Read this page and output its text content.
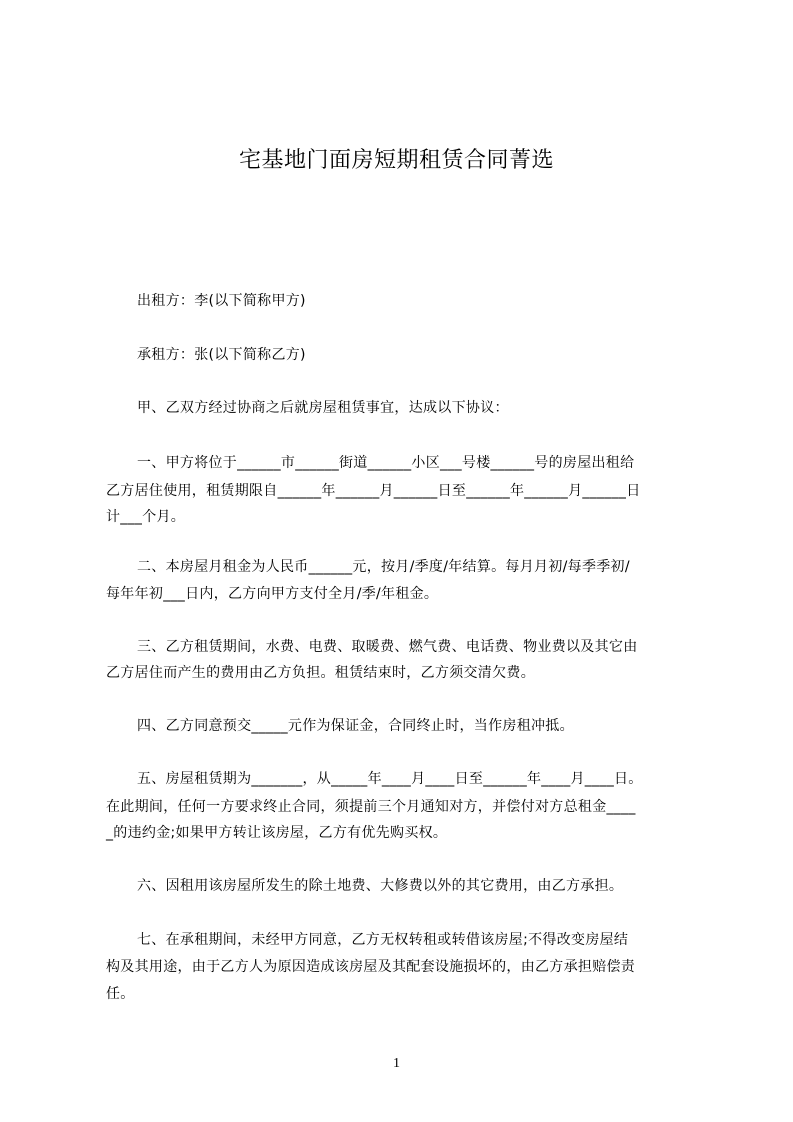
宅基地门面房短期租赁合同菁选
出租方：李(以下简称甲方)
承租方：张(以下简称乙方)
甲、乙双方经过协商之后就房屋租赁事宜，达成以下协议：
一、甲方将位于______市______街道______小区___号楼______号的房屋出租给
乙方居住使用，租赁期限自______年______月______日至______年______月______日
计___个月。
二、本房屋月租金为人民币______元，按月/季度/年结算。每月月初/每季季初/
每年年初___日内，乙方向甲方支付全月/季/年租金。
三、乙方租赁期间，水费、电费、取暖费、燃气费、电话费、物业费以及其它由
乙方居住而产生的费用由乙方负担。租赁结束时，乙方须交清欠费。
四、乙方同意预交_____元作为保证金，合同终止时，当作房租冲抵。
五、房屋租赁期为_______，从_____年____月____日至______年____月____日。
在此期间，任何一方要求终止合同，须提前三个月通知对方，并偿付对方总租金____
_的违约金;如果甲方转让该房屋，乙方有优先购买权。
六、因租用该房屋所发生的除土地费、大修费以外的其它费用，由乙方承担。
七、在承租期间，未经甲方同意，乙方无权转租或转借该房屋;不得改变房屋结
构及其用途，由于乙方人为原因造成该房屋及其配套设施损坏的，由乙方承担赔偿责
任。
1
